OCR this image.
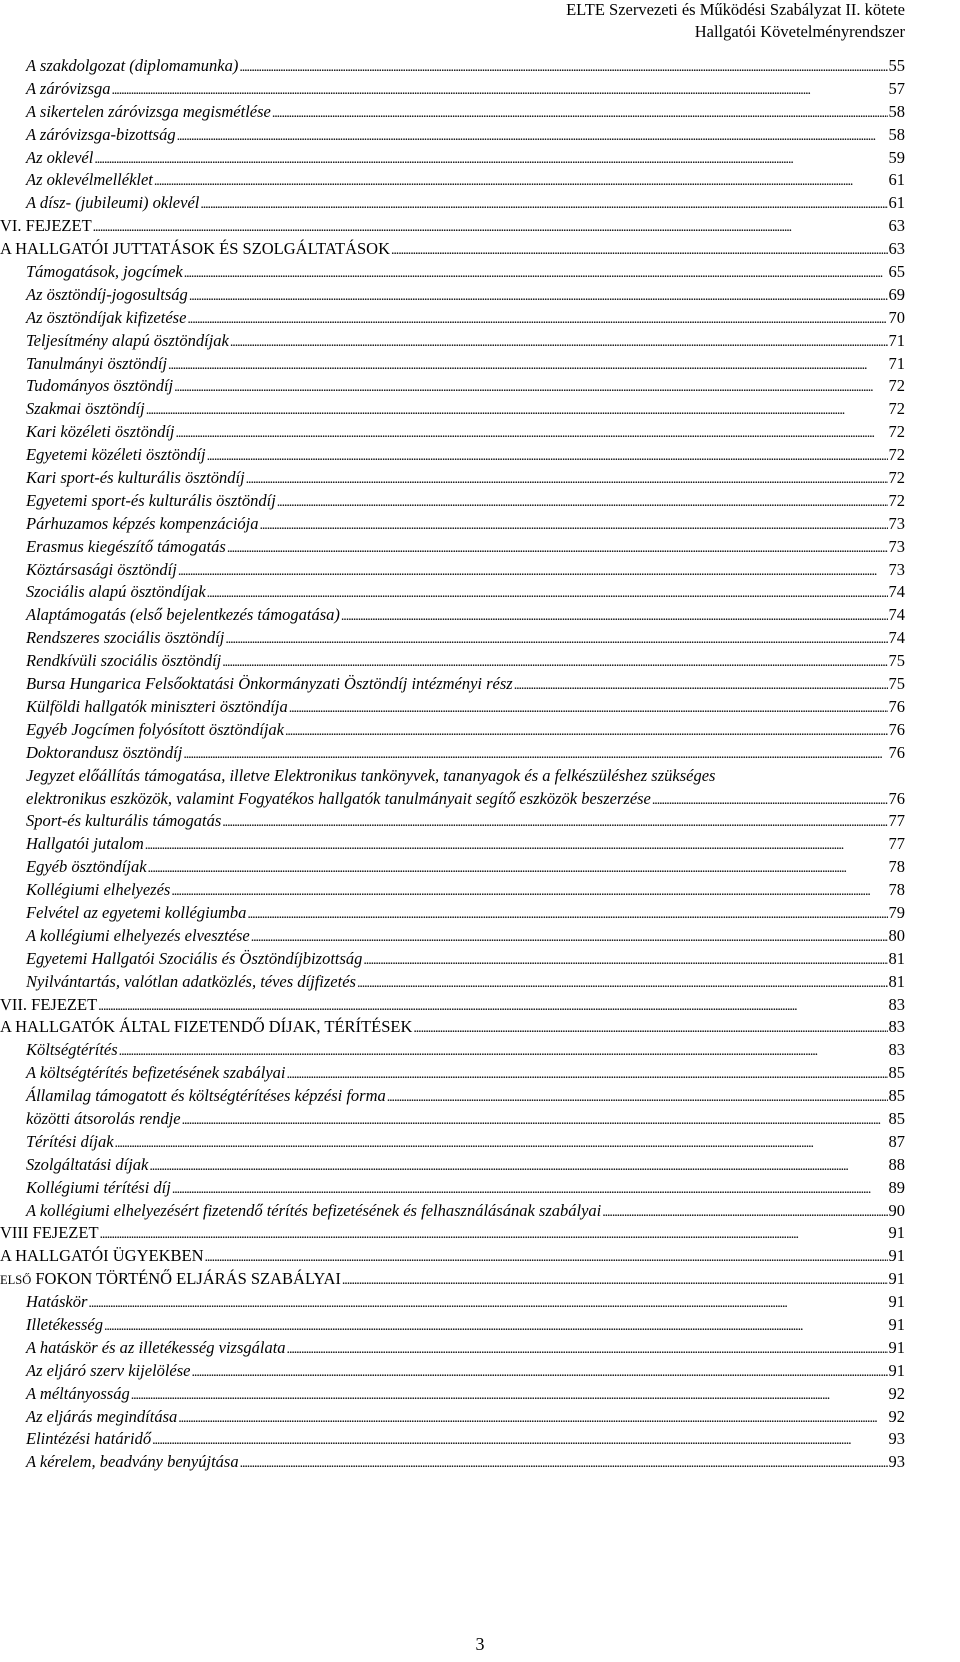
ELTE Szervezeti és Működési Szabályzat II. kötete
Hallgatói Követelményrendszer
A szakdolgozat (diplomamunka) . . .	55
A záróvizsga . . .	57
A sikertelen záróvizsga megismétlése . . .	58
A záróvizsga-bizottság . . .	58
Az oklevél . . .	59
Az oklevélmelléklet . . .	61
A dísz- (jubileumi) oklevél . . .	61
VI. FEJEZET . . .	63
A HALLGATÓI JUTTATÁSOK ÉS SZOLGÁLTATÁSOK . . .	63
Támogatások, jogcímek . . .	65
Az ösztöndíj-jogosultság . . .	69
Az ösztöndíjak kifizetése . . .	70
Teljesítmény alapú ösztöndíjak . . .	71
Tanulmányi ösztöndíj . . .	71
Tudományos ösztöndíj . . .	72
Szakmai ösztöndíj . . .	72
Kari közéleti ösztöndíj . . .	72
Egyetemi közéleti ösztöndíj . . .	72
Kari sport-és kulturális ösztöndíj . . .	72
Egyetemi sport-és kulturális ösztöndíj . . .	72
Párhuzamos képzés kompenzációja . . .	73
Erasmus kiegészítő támogatás . . .	73
Köztársasági ösztöndíj . . .	73
Szociális alapú ösztöndíjak . . .	74
Alaptámogatás (első bejelentkezés támogatása) . . .	74
Rendszeres szociális ösztöndíj . . .	74
Rendkívüli szociális ösztöndíj . . .	75
Bursa Hungarica Felsőoktatási Önkormányzati Ösztöndíj intézményi rész . . .	75
Külföldi hallgatók miniszteri ösztöndíja . . .	76
Egyéb Jogcímen folyósított ösztöndíjak . . .	76
Doktorandusz ösztöndíj . . .	76
Jegyzet előállítás támogatása, illetve Elektronikus tankönyvek, tananyagok és a felkészüléshez szükséges
elektronikus eszközök, valamint Fogyatékos hallgatók tanulmányait segítő eszközök beszerzése . . .	76
Sport-és kulturális támogatás . . .	77
Hallgatói jutalom . . .	77
Egyéb ösztöndíjak . . .	78
Kollégiumi elhelyezés . . .	78
Felvétel az egyetemi kollégiumba . . .	79
A kollégiumi elhelyezés elvesztése . . .	80
Egyetemi Hallgatói Szociális és Ösztöndíjbizottság . . .	81
Nyilvántartás, valótlan adatközlés, téves díjfizetés . . .	81
VII. FEJEZET . . .	83
A HALLGATÓK ÁLTAL FIZETENDŐ DÍJAK, TÉRÍTÉSEK . . .	83
Költségtérítés . . .	83
A költségtérítés befizetésének szabályai . . .	85
Államilag támogatott és költségtérítéses képzési forma . . .	85
közötti átsorolás rendje . . .	85
Térítési díjak . . .	87
Szolgáltatási díjak . . .	88
Kollégiumi térítési díj . . .	89
A kollégiumi elhelyezésért fizetendő térítés befizetésének és felhasználásának szabályai . . .	90
VIII FEJEZET . . .	91
A HALLGATÓI ÜGYEKBEN . . .	91
ELSŐ FOKON TÖRTÉNŐ ELJÁRÁS SZABÁLYAI . . .	91
Hatáskör . . .	91
Illetékesség . . .	91
A hatáskör és az illetékesség vizsgálata . . .	91
Az eljáró szerv kijelölése . . .	91
A méltányosság . . .	92
Az eljárás megindítása . . .	92
Elintézési határidő . . .	93
A kérelem, beadvány benyújtása . . .	93
3
